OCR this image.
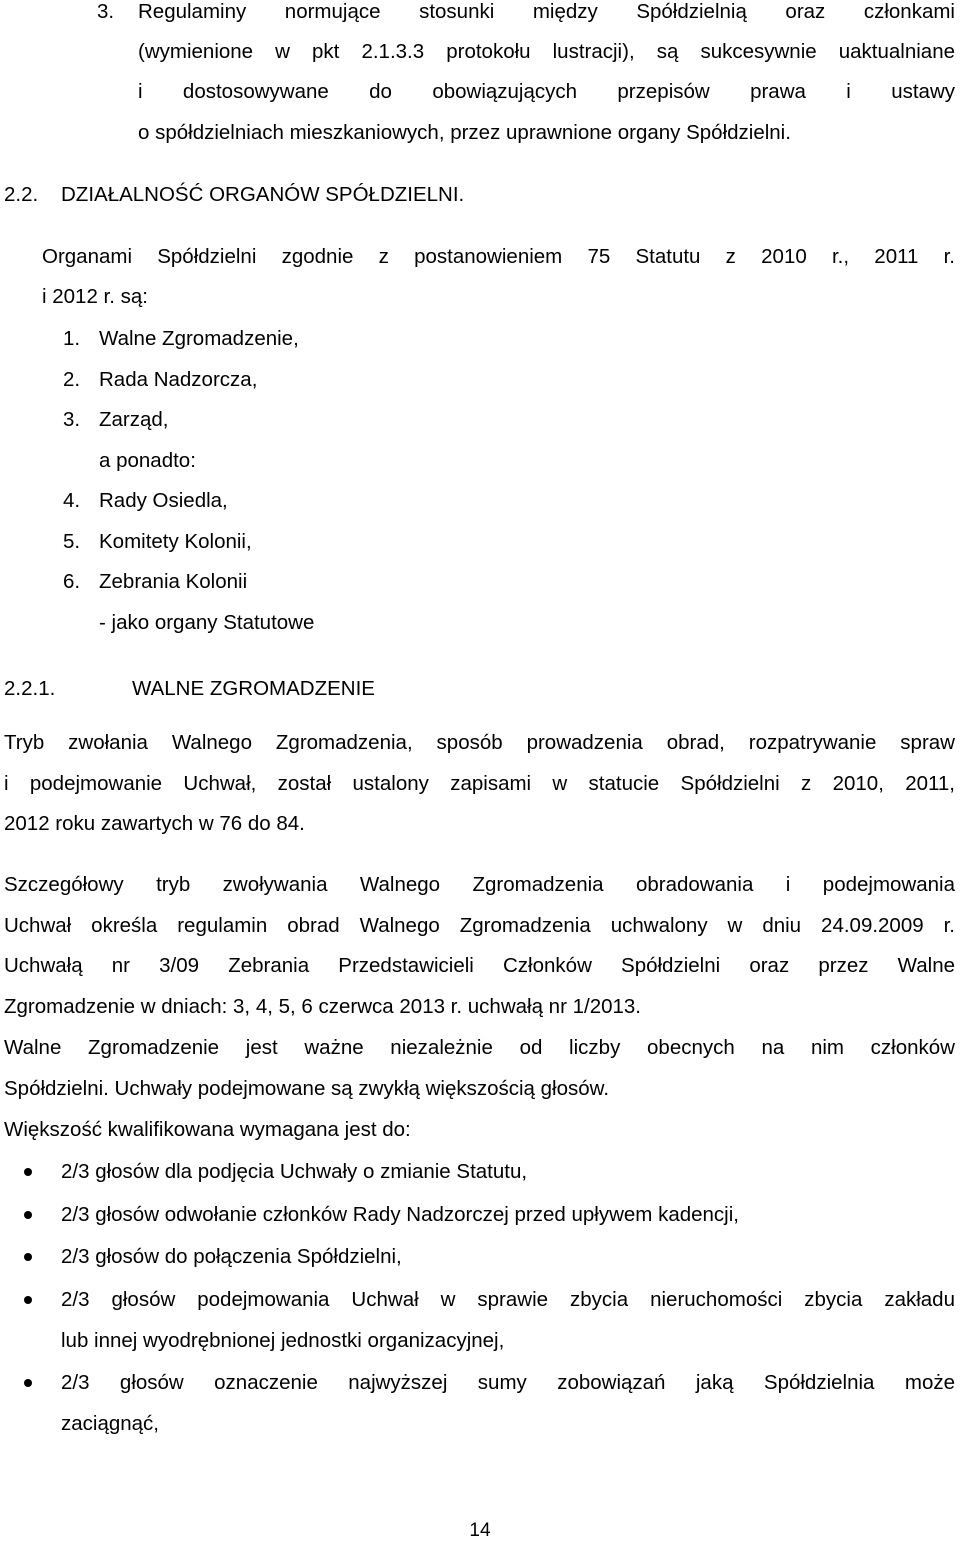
3. Regulaminy normujące stosunki między Spółdzielnią oraz członkami
(wymienione w pkt 2.1.3.3 protokołu lustracji), są sukcesywnie uaktualniane
i dostosowywane do obowiązujących przepisów prawa i ustawy
o spółdzielniach mieszkaniowych, przez uprawnione organy Spółdzielni.
2.2. DZIAŁALNOŚĆ ORGANÓW SPÓŁDZIELNI.
Organami Spółdzielni zgodnie z postanowieniem 75 Statutu z 2010 r., 2011 r.
i 2012 r. są:
1. Walne Zgromadzenie,
2. Rada Nadzorcza,
3. Zarząd,
a ponadto:
4. Rady Osiedla,
5. Komitety Kolonii,
6. Zebrania Kolonii
- jako organy Statutowe
2.2.1.	WALNE ZGROMADZENIE
Tryb zwołania Walnego Zgromadzenia, sposób prowadzenia obrad, rozpatrywanie spraw
i podejmowanie Uchwał, został ustalony zapisami w statucie Spółdzielni z 2010, 2011,
2012 roku zawartych w 76 do 84.
Szczegółowy tryb zwoływania Walnego Zgromadzenia obradowania i podejmowania
Uchwał określa regulamin obrad Walnego Zgromadzenia uchwalony w dniu 24.09.2009 r.
Uchwałą nr 3/09 Zebrania Przedstawicieli Członków Spółdzielni oraz przez Walne
Zgromadzenie w dniach: 3, 4, 5, 6 czerwca 2013 r. uchwałą nr 1/2013.
Walne Zgromadzenie jest ważne niezależnie od liczby obecnych na nim członków
Spółdzielni. Uchwały podejmowane są zwykłą większością głosów.
Większość kwalifikowana wymagana jest do:
2/3 głosów dla podjęcia Uchwały o zmianie Statutu,
2/3 głosów odwołanie członków Rady Nadzorczej przed upływem kadencji,
2/3 głosów do połączenia Spółdzielni,
2/3 głosów podejmowania Uchwał w sprawie zbycia nieruchomości zbycia zakładu
lub innej wyodrębnionej jednostki organizacyjnej,
2/3 głosów oznaczenie najwyższej sumy zobowiązań jaką Spółdzielnia może
zaciągnąć,
14
